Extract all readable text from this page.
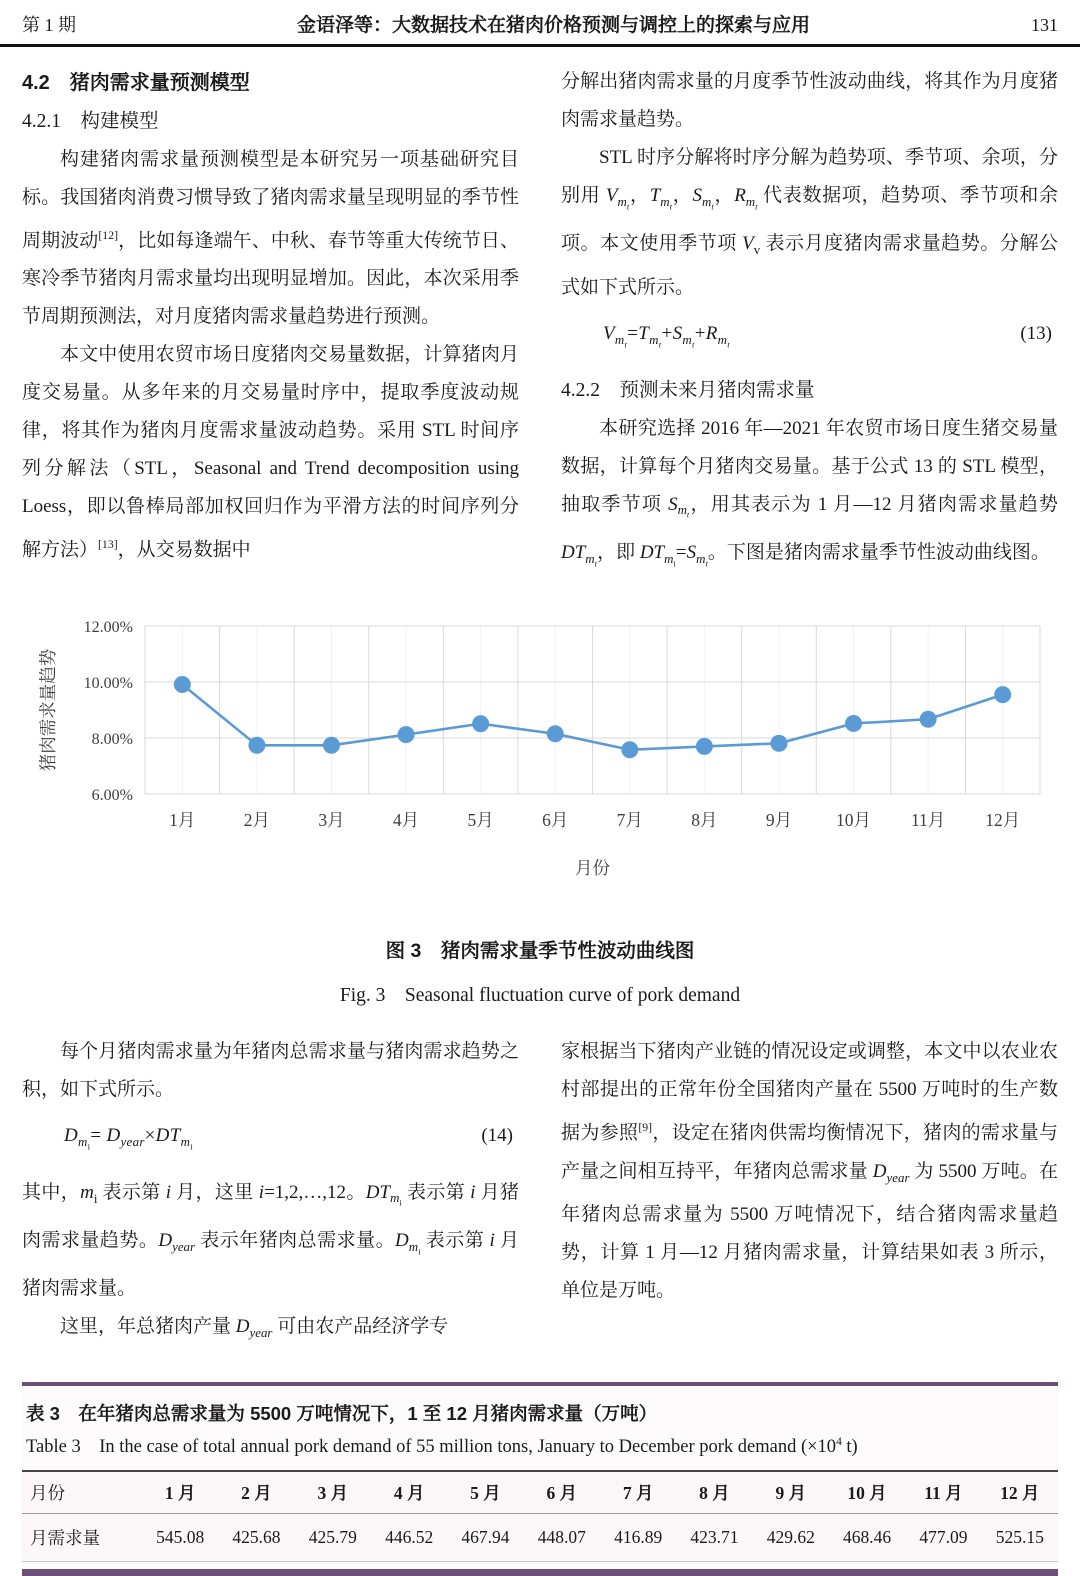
第 1 期	金语泽等：大数据技术在猪肉价格预测与调控上的探索与应用	131
4.2　猪肉需求量预测模型
4.2.1　构建模型

构建猪肉需求量预测模型是本研究另一项基础研究目标。我国猪肉消费习惯导致了猪肉需求量呈现明显的季节性周期波动[12]，比如每逢端午、中秋、春节等重大传统节日、寒冷季节猪肉月需求量均出现明显增加。因此，本次采用季节周期预测法，对月度猪肉需求量趋势进行预测。

本文中使用农贸市场日度猪肉交易量数据，计算猪肉月度交易量。从多年来的月交易量时序中，提取季度波动规律，将其作为猪肉月度需求量波动趋势。采用 STL 时间序列分解法（STL，Seasonal and Trend decomposition using Loess，即以鲁棒局部加权回归作为平滑方法的时间序列分解方法）[13]，从交易数据中

分解出猪肉需求量的月度季节性波动曲线，将其作为月度猪肉需求量趋势。

STL 时序分解将时序分解为趋势项、季节项、余项，分别用 $V_{m_t}$，$T_{m_t}$，$S_{m_t}$，$R_{m_t}$ 代表数据项，趋势项、季节项和余项。本文使用季节项 $V_v$ 表示月度猪肉需求量趋势。分解公式如下式所示。

$V_{m_t}=T_{m_t}+S_{m_t}+R_{m_t}$
(13)
4.2.2　预测未来月猪肉需求量

本研究选择 2016 年—2021 年农贸市场日度生猪交易量数据，计算每个月猪肉交易量。基于公式 13 的 STL 模型，抽取季节项 $S_{m_t}$，用其表示为 1 月—12 月猪肉需求量趋势 $DT_{m_t}$，即 $DT_{m_i}=S_{m_t}$。下图是猪肉需求量季节性波动曲线图。

6.00%
8.00%
10.00%
12.00%
1月	2月	3月	4月	5月	6月	7月	8月	9月	10月 11月 12月
猪肉需求量趋势
月份
图 3　猪肉需求量季节性波动曲线图
Fig. 3　Seasonal fluctuation curve of pork demand

每个月猪肉需求量为年猪肉总需求量与猪肉需求趋势之积，如下式所示。

$D_{m_i}= D_{year}\times DT_{m_i}$
(14)

其中，$m_i$ 表示第 i 月，这里 i=1,2,…,12。$DT_{m_i}$ 表示第 i 月猪肉需求量趋势。$D_{year}$ 表示年猪肉总需求量。$D_{m_i}$ 表示第 i 月猪肉需求量。

这里，年总猪肉产量 $D_{year}$ 可由农产品经济学专

家根据当下猪肉产业链的情况设定或调整，本文中以农业农村部提出的正常年份全国猪肉产量在 5500 万吨时的生产数据为参照[9]，设定在猪肉供需均衡情况下，猪肉的需求量与产量之间相互持平，年猪肉总需求量 $D_{year}$ 为 5500 万吨。在年猪肉总需求量为 5500 万吨情况下，结合猪肉需求量趋势，计算 1 月—12 月猪肉需求量，计算结果如表 3 所示，单位是万吨。

表 3　在年猪肉总需求量为 5500 万吨情况下，1 至 12 月猪肉需求量（万吨）
Table 3　In the case of total annual pork demand of 55 million tons, January to December pork demand ($\times 10^4$ t)
月份	1 月	2 月	3 月	4 月	5 月	6 月	7 月	8 月	9 月	10 月	11 月	12 月
月需求量	545.08	425.68	425.79	446.52	467.94	448.07	416.89	423.71	429.62	468.46	477.09	525.15
